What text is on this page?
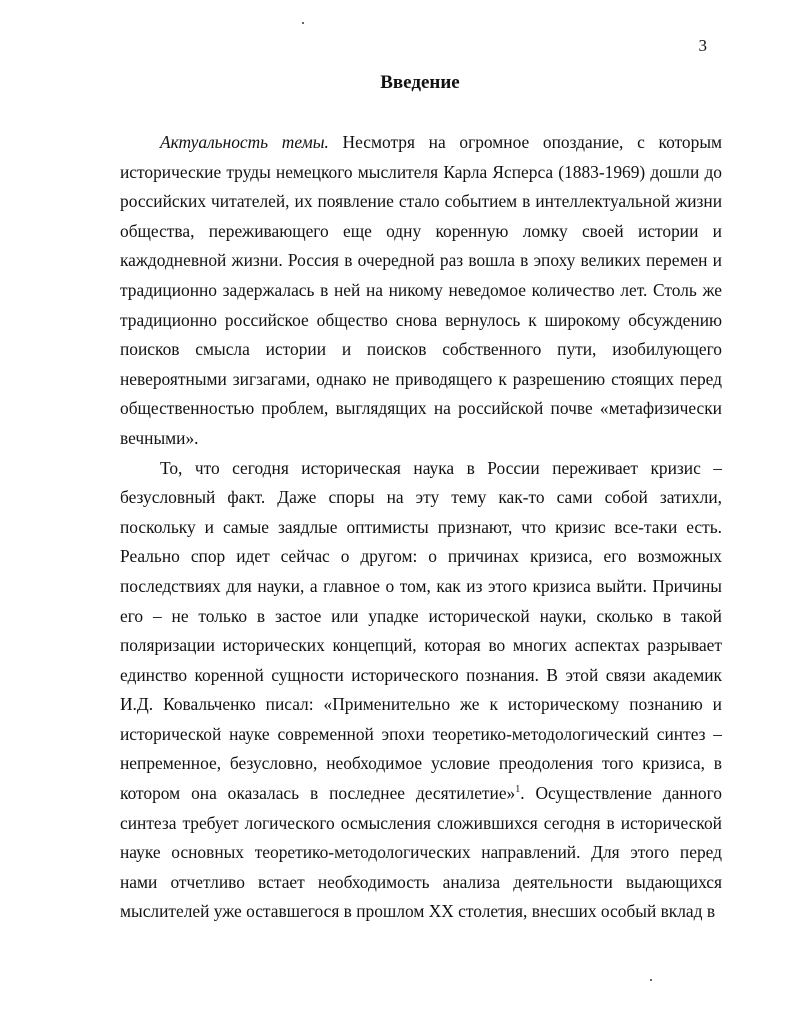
3
Введение

Актуальность темы. Несмотря на огромное опоздание, с которым исторические труды немецкого мыслителя Карла Ясперса (1883-1969) дошли до российских читателей, их появление стало событием в интеллектуальной жизни общества, переживающего еще одну коренную ломку своей истории и каждодневной жизни. Россия в очередной раз вошла в эпоху великих перемен и традиционно задержалась в ней на никому неведомое количество лет. Столь же традиционно российское общество снова вернулось к широкому обсуждению поисков смысла истории и поисков собственного пути, изобилующего невероятными зигзагами, однако не приводящего к разрешению стоящих перед общественностью проблем, выглядящих на российской почве «метафизически вечными».

То, что сегодня историческая наука в России переживает кризис – безусловный факт. Даже споры на эту тему как-то сами собой затихли, поскольку и самые заядлые оптимисты признают, что кризис все-таки есть. Реально спор идет сейчас о другом: о причинах кризиса, его возможных последствиях для науки, а главное о том, как из этого кризиса выйти. Причины его – не только в застое или упадке исторической науки, сколько в такой поляризации исторических концепций, которая во многих аспектах разрывает единство коренной сущности исторического познания. В этой связи академик И.Д. Ковальченко писал: «Применительно же к историческому познанию и исторической науке современной эпохи теоретико-методологический синтез – непременное, безусловно, необходимое условие преодоления того кризиса, в котором она оказалась в последнее десятилетие»$^1$. Осуществление данного синтеза требует логического осмысления сложившихся сегодня в исторической науке основных теоретико-методологических направлений. Для этого перед нами отчетливо встает необходимость анализа деятельности выдающихся мыслителей уже оставшегося в прошлом XX столетия, внесших особый вклад в
